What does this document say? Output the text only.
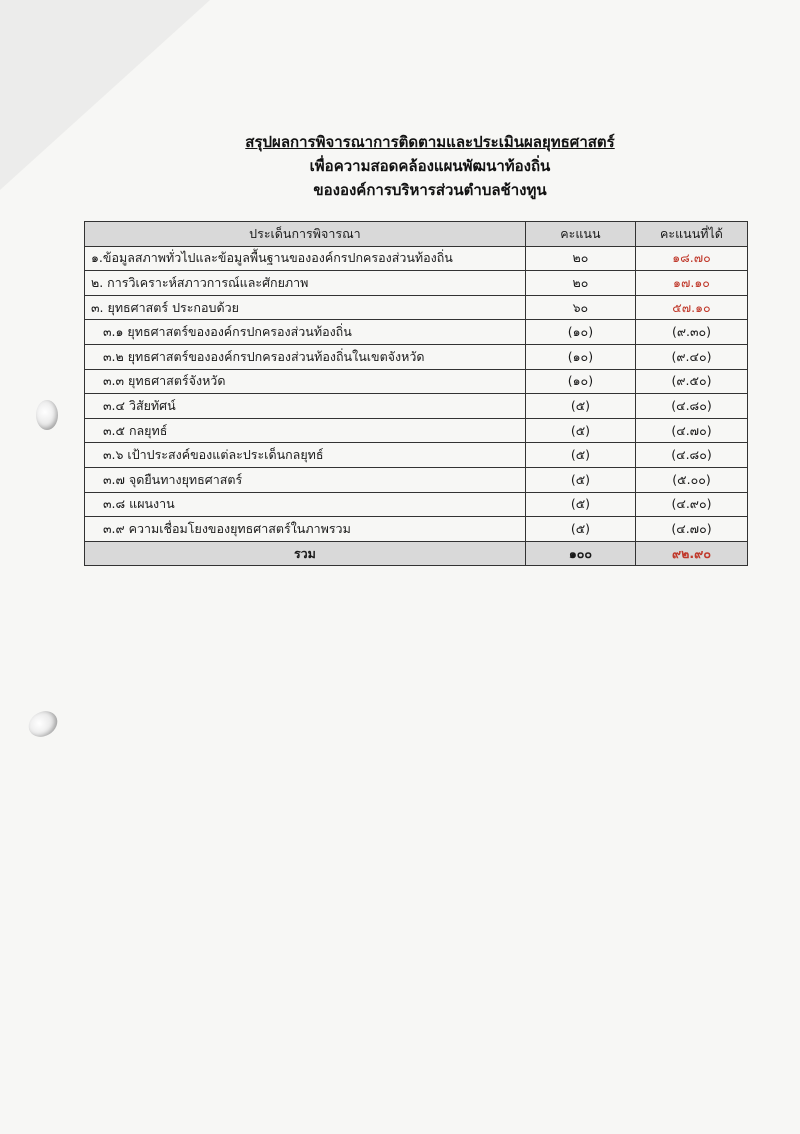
สรุปผลการพิจารณาการติดตามและประเมินผลยุทธศาสตร์

เพื่อความสอดคล้องแผนพัฒนาท้องถิ่น

ขององค์การบริหารส่วนตำบลช้างทูน

ประเด็นการพิจารณา	คะแนน	คะแนนที่ได้
๑.ข้อมูลสภาพทั่วไปและข้อมูลพื้นฐานขององค์กรปกครองส่วนท้องถิ่น	๒๐	๑๘.๗๐
๒. การวิเคราะห์สภาวการณ์และศักยภาพ	๒๐	๑๗.๑๐
๓. ยุทธศาสตร์ ประกอบด้วย	๖๐	๕๗.๑๐
๓.๑ ยุทธศาสตร์ขององค์กรปกครองส่วนท้องถิ่น	(๑๐)	(๙.๓๐)
๓.๒ ยุทธศาสตร์ขององค์กรปกครองส่วนท้องถิ่นในเขตจังหวัด	(๑๐)	(๙.๔๐)
๓.๓ ยุทธศาสตร์จังหวัด	(๑๐)	(๙.๕๐)
๓.๔ วิสัยทัศน์	(๕)	(๔.๘๐)
๓.๕ กลยุทธ์	(๕)	(๔.๗๐)
๓.๖ เป้าประสงค์ของแต่ละประเด็นกลยุทธ์	(๕)	(๔.๘๐)
๓.๗ จุดยืนทางยุทธศาสตร์	(๕)	(๕.๐๐)
๓.๘ แผนงาน	(๕)	(๔.๙๐)
๓.๙ ความเชื่อมโยงของยุทธศาสตร์ในภาพรวม	(๕)	(๔.๗๐)
รวม	๑๐๐	๙๒.๙๐
